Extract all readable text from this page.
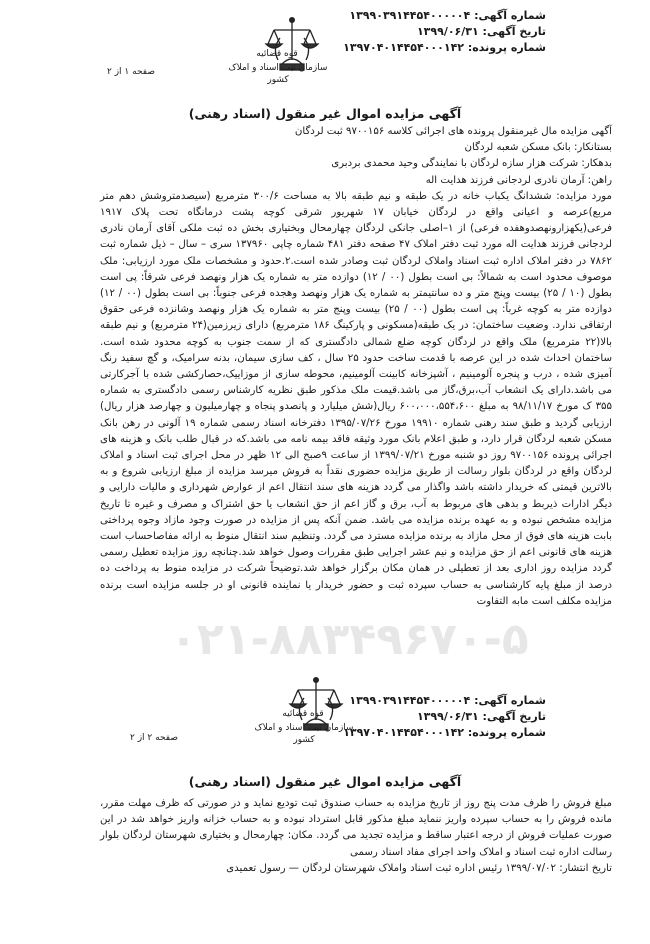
شماره آگهی: ۱۳۹۹۰۳۹۱۴۴۵۴۰۰۰۰۰۴
تاریخ آگهی: ۱۳۹۹/۰۶/۳۱
شماره پرونده: ۱۳۹۷۰۴۰۱۴۴۵۴۰۰۰۱۴۲
قوه قضائیه
سازمان ثبت اسناد و املاک کشور
صفحه ۱ از ۲
آگهی مزایده اموال غیر منقول (اسناد رهنی)

آگهی مزایده مال غیرمنقول پرونده های اجرائی کلاسه ۹۷۰۰۱۵۶ ثبت لردگان

بستانکار: بانک مسکن شعبه لردگان

بدهکار: شرکت هزار سازه لردگان با نمایندگی وحید محمدی بردبری

راهن: آرمان نادری لردجانی فرزند هدایت اله

مورد مزایده: ششدانگ یکباب خانه در یک طبقه و نیم طبقه بالا به مساحت ۳۰۰/۶ مترمربع (سیصدمترو‌شش دهم متر مربع)عرصه و اعیانی واقع در لردگان خیابان ۱۷ شهریور شرقی کوچه پشت درمانگاه تحت پلاک ۱۹۱۷ فرعی(یکهزارونهصدوهفده فرعی) از ۱–اصلی جانکی لردگان چهارمحال وبختیاری بخش ده ثبت ملکی آقای آرمان نادری لردجانی فرزند هدایت اله مورد ثبت دفتر املاک ۴۷ صفحه دفتر ۴۸۱ شماره چاپی ۱۳۷۹۶۰ سری – سال – ذیل شماره ثبت ۷۸۶۲ در دفتر املاک اداره ثبت اسناد واملاک لردگان ثبت وصادر شده است.۲.حدود و مشخصات ملک مورد ارزیابی: ملک موصوف محدود است به شمالاً: بی است بطول (۰۰ / ۱۲) دوازده متر به شماره یک هزار ونهصد فرعی شرقاً: پی است بطول (۱۰ / ۲۵) بیست وپنج متر و ده سانتیمتر به شماره یک هزار ونهصد وهجده فرعی جنوباً: بی است بطول (۰۰ / ۱۲) دوازده متر به کوچه غرباً: پی است بطول (۰۰ / ۲۵) بیست وپنج متر به شماره یک هزار ونهصد وشانزده فرعی حقوق ارتفاقی ندارد. وضعیت ساختمان: در یک طبقه(مسکونی و پارکینگ ۱۸۶ مترمربع) دارای زیرزمین(۲۴ مترمربع) و نیم طبقه بالا(۲۲ مترمربع) ملک واقع در لردگان کوچه ضلع شمالی دادگستری که از سمت جنوب به کوچه محدود شده است. ساختمان احداث شده در این عرصه با قدمت ساخت حدود ۲۵ سال ، کف سازی سیمان، بدنه سرامیک، و گچ سفید رنگ آمیزی شده ، درب و پنجره آلومینیم ، آشپزخانه کابینت آلومینیم، محوطه سازی از موزاییک،حصارکشی شده با آجرکارتی می باشد.دارای یک انشعاب آب،برق،گاز می باشد.قیمت ملک مذکور طبق نظریه کارشناس رسمی دادگستری به شماره ۳۵۵ ک مورخ ۹۸/۱۱/۱۷ به مبلغ ۶۰۰،۰۰۰،۵۵۴،۶۰۰ ریال(شش میلیارد و پانصدو پنجاه و چهارمیلیون و چهارصد هزار ریال) ارزیابی گردید و طبق سند رهنی شماره ۱۹۹۱۰ مورخ ۱۳۹۵/۰۷/۲۶ دفترخانه اسناد رسمی شماره ۱۹ آلونی در رهن بانک مسکن شعبه لردگان قرار دارد، و طبق اعلام بانک مورد وثیقه فاقد بیمه نامه می باشد.که در قبال طلب بانک و هزینه های اجرائی پرونده ۹۷۰۰۱۵۶ روز دو شنبه مورخ ۱۳۹۹/۰۷/۲۱ از ساعت ۹صبح الی ۱۲ ظهر در محل اجرای ثبت اسناد و املاک لردگان واقع در لردگان بلوار رسالت از طریق مزایده حضوری نقداً به فروش میرسد مزایده از مبلغ ارزیابی شروع و به بالاترین قیمتی که خریدار داشته باشد واگذار می گردد هزینه های سند انتقال اعم از عوارض شهرداری و مالیات دارایی و دیگر ادارات ذیربط و بدهی های مربوط به آب، برق و گاز اعم از حق انشعاب یا حق اشتراک و مصرف و غیره تا تاریخ مزایده مشخص نبوده و به عهده برنده مزایده می باشد. ضمن آنکه پس از مزایده در صورت وجود مازاد وجوه پرداختی بابت هزینه های فوق از محل مازاد به برنده مزایده مسترد می گردد. وتنظیم سند انتقال منوط به ارائه مفاصاحساب است هزینه های قانونی اعم از حق مزایده و نیم عشر اجرایی طبق مقررات وصول خواهد شد.چنانچه روز مزایده تعطیل رسمی گردد مزایده روز اداری بعد از تعطیلی در همان مکان برگزار خواهد شد.توضیحاً شرکت در مزایده منوط به پرداخت ده درصد از مبلغ پایه کارشناسی به حساب سپرده ثبت و حضور خریدار یا نماینده قانونی او در جلسه مزایده است برنده مزایده مکلف است مابه التفاوت

۰۲۱-۸۸۳۴۹۶۷۰-۵
شماره آگهی: ۱۳۹۹۰۳۹۱۴۴۵۴۰۰۰۰۰۴
تاریخ آگهی: ۱۳۹۹/۰۶/۳۱
شماره پرونده: ۱۳۹۷۰۴۰۱۴۴۵۴۰۰۰۱۴۲
قوه قضائیه
سازمان ثبت اسناد و املاک کشور
صفحه ۲ از ۲
آگهی مزایده اموال غیر منقول (اسناد رهنی)

مبلغ فروش را ظرف مدت پنج روز از تاریخ مزایده به حساب صندوق ثبت تودیع نماید و در صورتی که ظرف مهلت مقرر، مانده فروش را به حساب سپرده واریز ننماید مبلغ مذکور قابل استرداد نبوده و به حساب خزانه واریز خواهد شد در این صورت عملیات فروش از درجه اعتبار ساقط و مزایده تجدید می گردد. مکان: چهارمحال و بختیاری شهرستان لردگان بلوار رسالت اداره ثبت اسناد و املاک واحد اجرای مفاد اسناد رسمی

تاریخ انتشار: ۱۳۹۹/۰۷/۰۲ رئیس اداره ثبت اسناد واملاک شهرستان لردگان — رسول تعمیدی
